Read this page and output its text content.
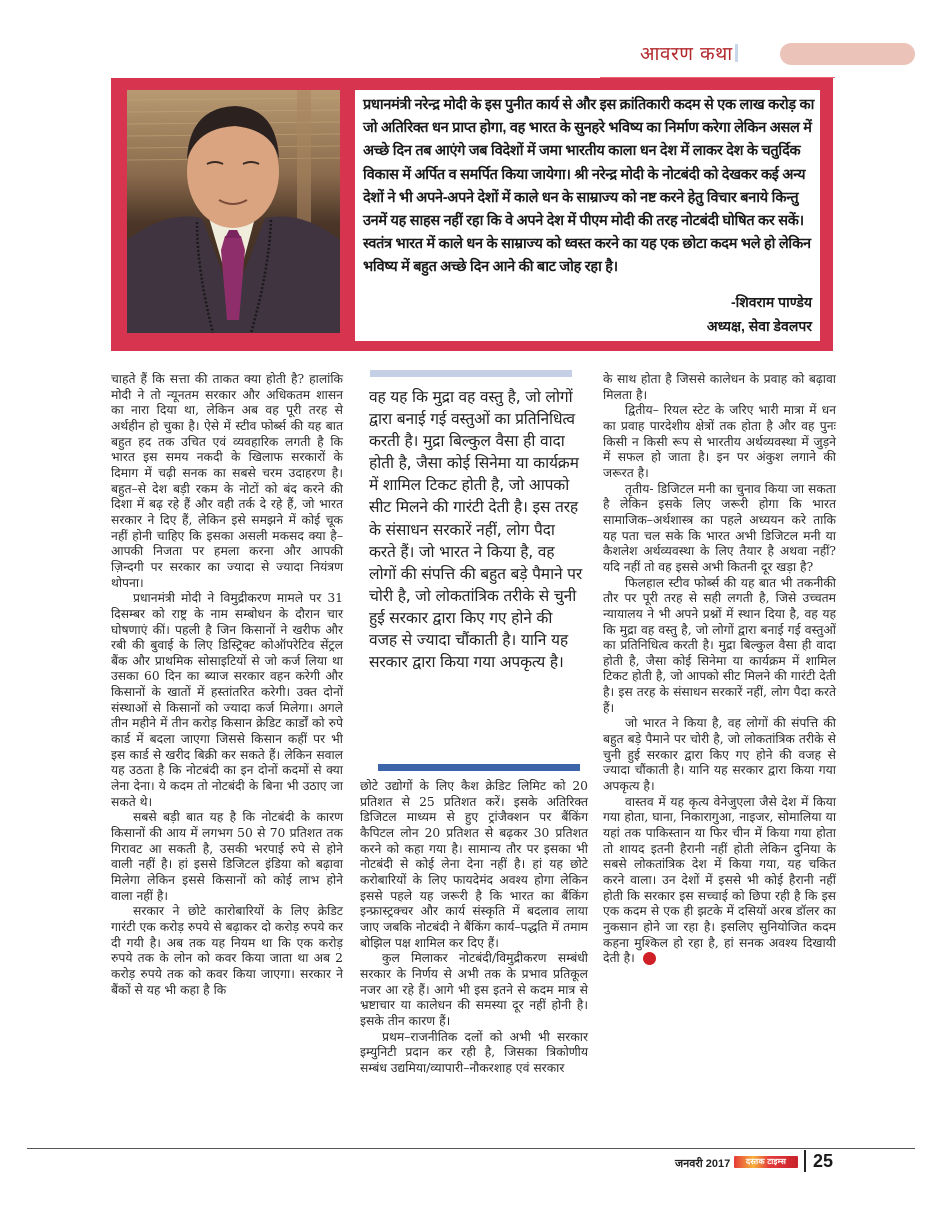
आवरण कथा
प्रधानमंत्री नरेन्द्र मोदी के इस पुनीत कार्य से और इस क्रांतिकारी कदम से एक लाख करोड़ का जो अतिरिक्त धन प्राप्त होगा, वह भारत के सुनहरे भविष्य का निर्माण करेगा लेकिन असल में अच्छे दिन तब आएंगे जब विदेशों में जमा भारतीय काला धन देश में लाकर देश के चतुर्दिक विकास में अर्पित व समर्पित किया जायेगा। श्री नरेन्द्र मोदी के नोटबंदी को देखकर कई अन्य देशों ने भी अपने-अपने देशों में काले धन के साम्राज्य को नष्ट करने हेतु विचार बनाये किन्तु उनमें यह साहस नहीं रहा कि वे अपने देश में पीएम मोदी की तरह नोटबंदी घोषित कर सकें। स्वतंत्र भारत में काले धन के साम्राज्य को ध्वस्त करने का यह एक छोटा कदम भले हो लेकिन भविष्य में बहुत अच्छे दिन आने की बाट जोह रहा है।
-शिवराम पाण्डेय
अध्यक्ष, सेवा डेवलपर

चाहते हैं कि सत्ता की ताकत क्या होती है? हालांकि मोदी ने तो न्यूनतम सरकार और अधिकतम शासन का नारा दिया था, लेकिन अब वह पूरी तरह से अर्थहीन हो चुका है। ऐसे में स्टीव फोर्ब्स की यह बात बहुत हद तक उचित एवं व्यवहारिक लगती है कि भारत इस समय नकदी के खिलाफ सरकारों के दिमाग में चढ़ी सनक का सबसे चरम उदाहरण है। बहुत–से देश बड़ी रकम के नोटों को बंद करने की दिशा में बढ़ रहे हैं और वही तर्क दे रहे हैं, जो भारत सरकार ने दिए हैं, लेकिन इसे समझने में कोई चूक नहीं होनी चाहिए कि इसका असली मकसद क्या है– आपकी निजता पर हमला करना और आपकी ज़िन्दगी पर सरकार का ज्यादा से ज्यादा नियंत्रण थोपना।

प्रधानमंत्री मोदी ने विमुद्रीकरण मामले पर 31 दिसम्बर को राष्ट्र के नाम सम्बोधन के दौरान चार घोषणाएं कीं। पहली है जिन किसानों ने खरीफ और रबी की बुवाई के लिए डिस्ट्रिक्ट कोऑपरेटिव सेंट्रल बैंक और प्राथमिक सोसाइटियों से जो कर्ज लिया था उसका 60 दिन का ब्याज सरकार वहन करेगी और किसानों के खातों में हस्तांतरित करेगी। उक्त दोनों संस्थाओं से किसानों को ज्यादा कर्ज मिलेगा। अगले तीन महीने में तीन करोड़ किसान क्रेडिट कार्डों को रुपे कार्ड में बदला जाएगा जिससे किसान कहीं पर भी इस कार्ड से खरीद बिक्री कर सकते हैं। लेकिन सवाल यह उठता है कि नोटबंदी का इन दोनों कदमों से क्या लेना देना। ये कदम तो नोटबंदी के बिना भी उठाए जा सकते थे।

सबसे बड़ी बात यह है कि नोटबंदी के कारण किसानों की आय में लगभग 50 से 70 प्रतिशत तक गिरावट आ सकती है, उसकी भरपाई रुपे से होने वाली नहीं है। हां इससे डिजिटल इंडिया को बढ़ावा मिलेगा लेकिन इससे किसानों को कोई लाभ होने वाला नहीं है।

सरकार ने छोटे कारोबारियों के लिए क्रेडिट गारंटी एक करोड़ रुपये से बढ़ाकर दो करोड़ रुपये कर दी गयी है। अब तक यह नियम था कि एक करोड़ रुपये तक के लोन को कवर किया जाता था अब 2 करोड़ रुपये तक को कवर किया जाएगा। सरकार ने बैंकों से यह भी कहा है कि

वह यह कि मुद्रा वह वस्तु है, जो लोगों द्वारा बनाई गई वस्तुओं का प्रतिनिधित्व करती है। मुद्रा बिल्कुल वैसा ही वादा होती है, जैसा कोई सिनेमा या कार्यक्रम में शामिल टिकट होती है, जो आपको सीट मिलने की गारंटी देती है। इस तरह के संसाधन सरकारें नहीं, लोग पैदा करते हैं। जो भारत ने किया है, वह लोगों की संपत्ति की बहुत बड़े पैमाने पर चोरी है, जो लोकतांत्रिक तरीके से चुनी हुई सरकार द्वारा किए गए होने की वजह से ज्यादा चौंकाती है। यानि यह सरकार द्वारा किया गया अपकृत्य है।

छोटे उद्योगों के लिए कैश क्रेडिट लिमिट को 20 प्रतिशत से 25 प्रतिशत करें। इसके अतिरिक्त डिजिटल माध्यम से हुए ट्रांजैक्शन पर बैंकिंग कैपिटल लोन 20 प्रतिशत से बढ़कर 30 प्रतिशत करने को कहा गया है। सामान्य तौर पर इसका भी नोटबंदी से कोई लेना देना नहीं है। हां यह छोटे करोबारियों के लिए फायदेमंद अवश्य होगा लेकिन इससे पहले यह जरूरी है कि भारत का बैंकिंग इन्फ्रास्ट्रक्चर और कार्य संस्कृति में बदलाव लाया जाए जबकि नोटबंदी ने बैंकिंग कार्य–पद्धति में तमाम बोझिल पक्ष शामिल कर दिए हैं।

कुल मिलाकर नोटबंदी/विमुद्रीकरण सम्बंधी सरकार के निर्णय से अभी तक के प्रभाव प्रतिकूल नजर आ रहे हैं। आगे भी इस इतने से कदम मात्र से भ्रष्टाचार या कालेधन की समस्या दूर नहीं होनी है। इसके तीन कारण हैं।

प्रथम–राजनीतिक दलों को अभी भी सरकार इम्युनिटी प्रदान कर रही है, जिसका त्रिकोणीय सम्बंध उद्यमिया/व्यापारी–नौकरशाह एवं सरकार

के साथ होता है जिससे कालेधन के प्रवाह को बढ़ावा मिलता है।

द्वितीय– रियल स्टेट के जरिए भारी मात्रा में धन का प्रवाह पारदेशीय क्षेत्रों तक होता है और वह पुनः किसी न किसी रूप से भारतीय अर्थव्यवस्था में जुड़ने में सफल हो जाता है। इन पर अंकुश लगाने की जरूरत है।

तृतीय- डिजिटल मनी का चुनाव किया जा सकता है लेकिन इसके लिए जरूरी होगा कि भारत सामाजिक–अर्थशास्त्र का पहले अध्ययन करे ताकि यह पता चल सके कि भारत अभी डिजिटल मनी या कैशलेश अर्थव्यवस्था के लिए तैयार है अथवा नहीं? यदि नहीं तो वह इससे अभी कितनी दूर खड़ा है?

फिलहाल स्टीव फोर्ब्स की यह बात भी तकनीकी तौर पर पूरी तरह से सही लगती है, जिसे उच्चतम न्यायालय ने भी अपने प्रश्नों में स्थान दिया है, वह यह कि मुद्रा वह वस्तु है, जो लोगों द्वारा बनाई गई वस्तुओं का प्रतिनिधित्व करती है। मुद्रा बिल्कुल वैसा ही वादा होती है, जैसा कोई सिनेमा या कार्यक्रम में शामिल टिकट होती है, जो आपको सीट मिलने की गारंटी देती है। इस तरह के संसाधन सरकारें नहीं, लोग पैदा करते हैं।

जो भारत ने किया है, वह लोगों की संपत्ति की बहुत बड़े पैमाने पर चोरी है, जो लोकतांत्रिक तरीके से चुनी हुई सरकार द्वारा किए गए होने की वजह से ज्यादा चौंकाती है। यानि यह सरकार द्वारा किया गया अपकृत्य है।

वास्तव में यह कृत्य वेनेजुएला जैसे देश में किया गया होता, घाना, निकारागुआ, नाइजर, सोमालिया या यहां तक पाकिस्तान या फिर चीन में किया गया होता तो शायद इतनी हैरानी नहीं होती लेकिन दुनिया के सबसे लोकतांत्रिक देश में किया गया, यह चकित करने वाला। उन देशों में इससे भी कोई हैरानी नहीं होती कि सरकार इस सच्चाई को छिपा रही है कि इस एक कदम से एक ही झटके में दसियों अरब डॉलर का नुकसान होने जा रहा है। इसलिए सुनियोजित कदम कहना मुश्किल हो रहा है, हां सनक अवश्य दिखायी देती है।

जनवरी 2017	दस्तक टाइम्स	25
